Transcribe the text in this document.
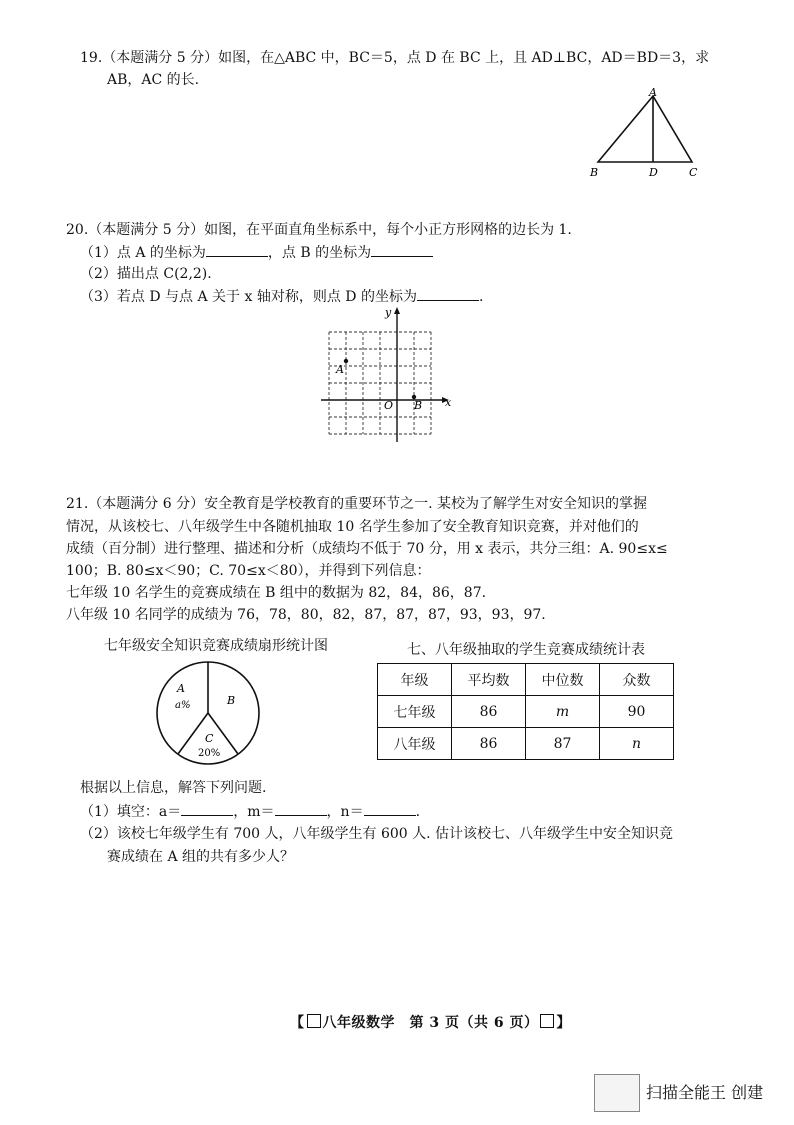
19.（本题满分 5 分）如图，在△ABC 中，BC＝5，点 D 在 BC 上，且 AD⊥BC，AD＝BD＝3，求
AB，AC 的长.
A
B	D	C
20.（本题满分 5 分）如图，在平面直角坐标系中，每个小正方形网格的边长为 1.
（1）点 A 的坐标为	，点 B 的坐标为
（2）描出点 C(2,2).
（3）若点 D 与点 A 关于 x 轴对称，则点 D 的坐标为	.
y
x
O
A
B
21.（本题满分 6 分）安全教育是学校教育的重要环节之一. 某校为了解学生对安全知识的掌握
情况，从该校七、八年级学生中各随机抽取 10 名学生参加了安全教育知识竞赛，并对他们的
成绩（百分制）进行整理、描述和分析（成绩均不低于 70 分，用 x 表示，共分三组：A. 90≤x≤
100；B. 80≤x＜90；C. 70≤x＜80），并得到下列信息：
七年级 10 名学生的竞赛成绩在 B 组中的数据为 82，84，86，87.
八年级 10 名同学的成绩为 76，78，80，82，87，87，87，93，93，97.
七年级安全知识竞赛成绩扇形统计图
A
a%	B
C
20%
七、八年级抽取的学生竞赛成绩统计表
年级	平均数	中位数	众数
七年级	86	m	90
八年级	86	87	n
根据以上信息，解答下列问题.
（1）填空：a＝	，m＝	，n＝	.
（2）该校七年级学生有 700 人，八年级学生有 600 人. 估计该校七、八年级学生中安全知识竞
赛成绩在 A 组的共有多少人？
【 八年级数学　第 3 页（共 6 页） 】
扫描全能王 创建
